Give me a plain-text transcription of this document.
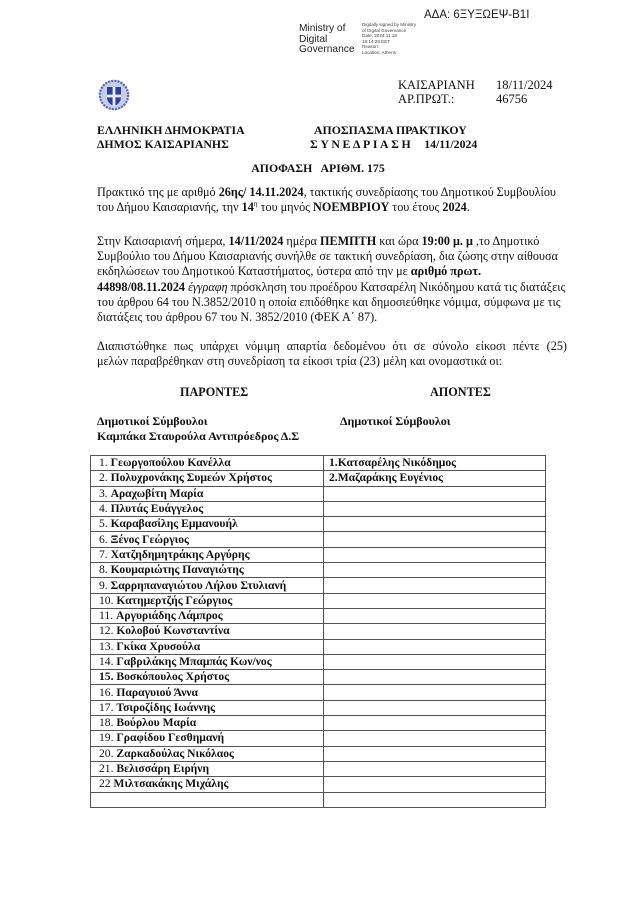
ΑΔΑ: 6ΞΥΞΩΕΨ-Β1Ι
Ministry of
Digital
Governance
Digitally signed by Ministry
of Digital Governance
Date: 2024.11.18
18:14:28 EET
Reason:
Location: Athens
ΚΑΙΣΑΡΙΑΝΗ	18/11/2024
ΑΡ.ΠΡΩΤ.:	46756
ΕΛΛΗΝΙΚΗ ΔΗΜΟΚΡΑΤΙΑ
ΔΗΜΟΣ ΚΑΙΣΑΡΙΑΝΗΣ
ΑΠΟΣΠΑΣΜΑ ΠΡΑΚΤΙΚΟΥ
ΣΥΝΕΔΡΙΑΣΗ 14/11/2024
ΑΠΟΦΑΣΗ   ΑΡΙΘΜ. 175

Πρακτικό της με αριθμό 26ης/ 14.11.2024, τακτικής συνεδρίασης του Δημοτικού Συμβουλίου του Δήμου Καισαριανής, την $14^\eta$ του μηνός ΝΟΕΜΒΡΙΟΥ του έτους 2024.

Στην Καισαριανή σήμερα, 14/11/2024 ημέρα ΠΕΜΠΤΗ και ώρα 19:00 μ. μ ,το Δημοτικό Συμβούλιο του Δήμου Καισαριανής συνήλθε σε τακτική συνεδρίαση, δια ζώσης στην αίθουσα εκδηλώσεων του Δημοτικού Καταστήματος, ύστερα από την με αριθμό πρωτ. 44898/08.11.2024 έγγραφη πρόσκληση του προέδρου Κατσαρέλη Νικόδημου κατά τις διατάξεις του άρθρου 64 του Ν.3852/2010 η οποία επιδόθηκε και δημοσιεύθηκε νόμιμα, σύμφωνα με τις διατάξεις του άρθρου 67 του Ν. 3852/2010 (ΦΕΚ Α΄ 87).

Διαπιστώθηκε πως υπάρχει νόμιμη απαρτία δεδομένου ότι σε σύνολο είκοσι πέντε (25)
μελών παραβρέθηκαν στη συνεδρίαση τα είκοσι τρία (23) μέλη και ονομαστικά οι:
ΠΑΡΟΝΤΕΣ	ΑΠΟΝΤΕΣ
Δημοτικοί Σύμβουλοι
Καμπάκα Σταυρούλα Αντιπρόεδρος Δ.Σ
Δημοτικοί Σύμβουλοι
1. Γεωργοπούλου Κανέλλα	1.Κατσαρέλης Νικόδημος
2. Πολυχρονάκης Συμεών Χρήστος	2.Μαζαράκης Ευγένιος
3. Αραχωβίτη Μαρία	
4. Πλυτάς Ευάγγελος	
5. Καραβασίλης Εμμανουήλ	
6. Ξένος Γεώργιος	
7. Χατζηδημητράκης Αργύρης	
8. Κουμαριώτης Παναγιώτης	
9. Σαρρηπαναγιώτου Λήλου Στυλιανή	
10. Κατημερτζής Γεώργιος	
11. Αργυριάδης Λάμπρος	
12. Κολοβού Κωνσταντίνα	
13. Γκίκα Χρυσούλα	
14. Γαβριλάκης Μπαμπάς Κων/νος	
15. Βοσκόπουλος Χρήστος	
16. Παραγυιού Άννα	
17. Τσιροζίδης Ιωάννης	
18. Βούρλου Μαρία	
19. Γραφίδου Γεσθημανή	
20. Ζαρκαδούλας Νικόλαος	
21. Βελισσάρη Ειρήνη	
22 Μιλτσακάκης Μιχάλης	
